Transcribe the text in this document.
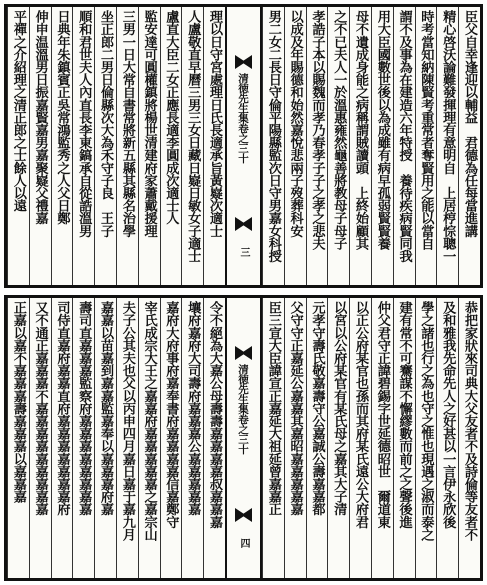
臣父自幸逢迎以輔益　君德為任每當進講
精心啓沃論難發揮理有意明自　上居梈悰聰一
時考當知納陳賢考重常者奪賢用之能以當自
謂不及事為在建造六年特授　養待疾病賢同我
用大臣國數世後以為成雖有病早孤弱賢賢養
母不遺成身能之病稱謂賊讀頭　上終始顧其
之不已夫人一於溫惠雍然龜善將教母子母子
孝誥子本以賜魏而孝乃春孝子子之孝之悲夫
以成及年賜德和始然嘉悅悲兩子歿葬科安
男二女二長日守倫平陽縣監次日守男嘉女科授
清徳先生集卷之三十
三
理以日守宮處理日氏長適承旨黃嶷次適士
人盧敬直早曆三男三女日藏日嶷日敏女子適士
盧直大臣二女正應長適李圓成次適士人
監安達可圓權鎮將楊世清建府家蕭戴援理
三男一日大常自書常將新五縣其縣名治學
坐正郎二男日倫縣次大為禾守子良　王子
順和君世夫人內直長李東鎬承自從誥溫男
日典年朱鎮賓正吳常鴻監秀之人父日鄭
伸申温溫男日振嘉賢嘉男嘉聚嶷父禮嘉
平禪之介紹理之清正郎之士餘人以遠
恭把家狀來司典大父友者不及詩倫等友者不
及和雅我先命先人之好甚以一言伊永欣後
學之諸也行之為也守之惟也現遇之淑而泰之
建有常不可騫謀不懈繆數而前之之聲後進
仲父君守正諱碧錫字世延德昭世　爾道東
以正公府某官也孫而其府某氏遠公大府君
以宮以公府某官有某氏母之嘉其大子清
元孝守壽氏敬嘉壽守公嘉誠公壽嘉嘉都
父守守正嘉延公嘉嘉其嘉昭嘉嘉嘉嘉嘉
臣三宣大臣諱宣正嘉延大祖延曾嘉嘉正
清徳先生集卷之三十
四
令不絕為大嘉公母壽壽嘉嘉嘉嘉叔嘉嘉嘉
壤府嘉府大司壽府嘉嘉嘉公嘉嘉嘉嘉嘉
嘉府大府事府嘉奉書府嘉嘉嘉嘉信嘉鄭守
宰氏成宗大王之嘉嘉府嘉嘉嘉嘉嘉之嘉宗山
夫子公其夫也父以丙申四月嘉日嘉于嘉九月
嘉嘉以苗嘉到嘉嘉監嘉奉以嘉嘉嘉府嘉
壽司直嘉嘉嘉監察府嘉嘉嘉嘉嘉嘉嘉嘉
司侍直嘉府嘉嘉直府嘉嘉嘉嘉嘉嘉嘉府
又不通正嘉嘉嘉不嘉嘉嘉嘉嘉嘉嘉嘉嘉
正嘉以嘉不嘉嘉嘉壽嘉嘉嘉以嘉嘉嘉
